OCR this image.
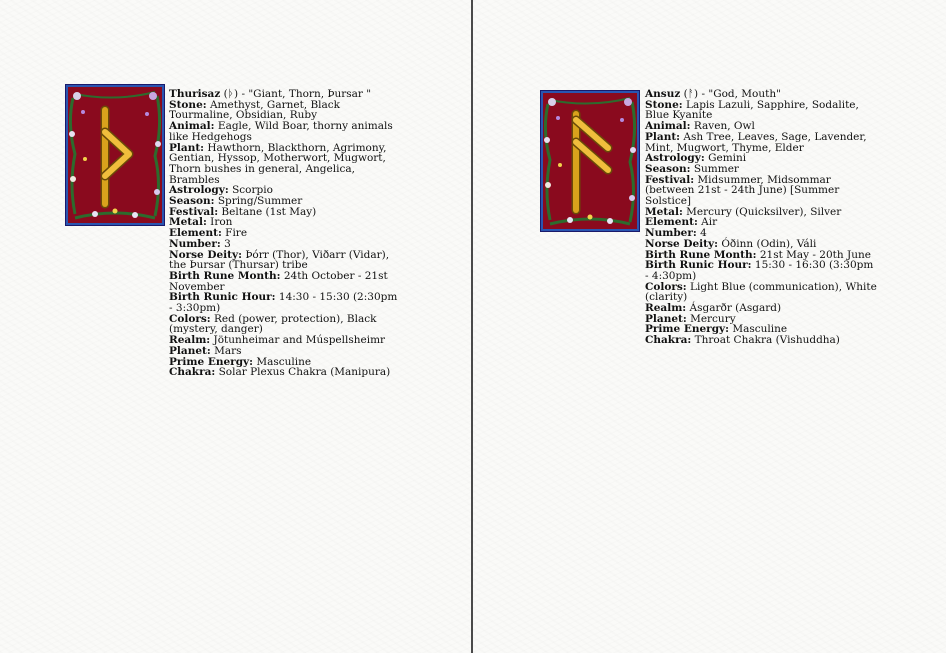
Thurisaz (ᚦ) - "Giant, Thorn, Þursar "

Stone: Amethyst, Garnet, Black Tourmaline, Obsidian, Ruby

Animal: Eagle, Wild Boar, thorny animals like Hedgehogs

Plant: Hawthorn, Blackthorn, Agrimony, Gentian, Hyssop, Motherwort, Mugwort, Thorn bushes in general, Angelica, Brambles

Astrology: Scorpio

Season: Spring/Summer

Festival: Beltane (1st May)

Metal: Iron

Element: Fire

Number: 3

Norse Deity: Þórr (Thor), Viðarr (Vidar), the Þursar (Thursar) tribe

Birth Rune Month: 24th October - 21st November

Birth Runic Hour: 14:30 - 15:30 (2:30pm - 3:30pm)

Colors: Red (power, protection), Black (mystery, danger)

Realm: Jötunheimar and Múspellsheimr

Planet: Mars

Prime Energy: Masculine

Chakra: Solar Plexus Chakra (Manipura)

Ansuz (ᚨ) - "God, Mouth"

Stone: Lapis Lazuli, Sapphire, Sodalite, Blue Kyanite

Animal: Raven, Owl

Plant: Ash Tree, Leaves, Sage, Lavender, Mint, Mugwort, Thyme, Elder

Astrology: Gemini

Season: Summer

Festival: Midsummer, Midsommar (between 21st - 24th June) [Summer Solstice]

Metal: Mercury (Quicksilver), Silver

Element: Air

Number: 4

Norse Deity: Óðinn (Odin), Váli

Birth Rune Month: 21st May - 20th June

Birth Runic Hour: 15:30 - 16:30 (3:30pm - 4:30pm)

Colors: Light Blue (communication), White (clarity)

Realm: Ásgarðr (Asgard)

Planet: Mercury

Prime Energy: Masculine

Chakra: Throat Chakra (Vishuddha)
